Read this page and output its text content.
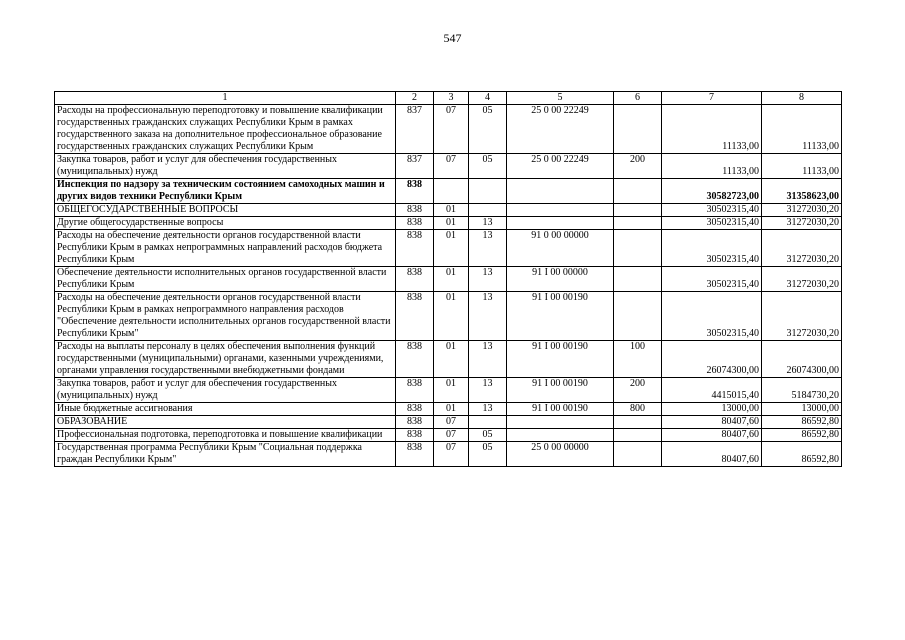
547
1	2	3	4	5	6	7	8
Расходы на профессиональную переподготовку и повышение квалификации государственных гражданских служащих Республики Крым в рамках государственного заказа на дополнительное профессиональное образование государственных гражданских служащих Республики Крым	837	07	05	25 0 00 22249		11133,00	11133,00
Закупка товаров, работ и услуг для обеспечения государственных (муниципальных) нужд	837	07	05	25 0 00 22249	200	11133,00	11133,00
Инспекция по надзору за техническим состоянием самоходных машин и других видов техники Республики Крым	838					30582723,00	31358623,00
ОБЩЕГОСУДАРСТВЕННЫЕ ВОПРОСЫ	838	01				30502315,40	31272030,20
Другие общегосударственные вопросы	838	01	13			30502315,40	31272030,20
Расходы на обеспечение деятельности органов государственной власти Республики Крым в рамках непрограммных направлений расходов бюджета Республики Крым	838	01	13	91 0 00 00000		30502315,40	31272030,20
Обеспечение деятельности исполнительных органов государственной власти Республики Крым	838	01	13	91 I 00 00000		30502315,40	31272030,20
Расходы на обеспечение деятельности органов государственной власти Республики Крым в рамках непрограммного направления расходов "Обеспечение деятельности исполнительных органов государственной власти Республики Крым"	838	01	13	91 I 00 00190		30502315,40	31272030,20
Расходы на выплаты персоналу в целях обеспечения выполнения функций государственными (муниципальными) органами, казенными учреждениями, органами управления государственными внебюджетными фондами	838	01	13	91 I 00 00190	100	26074300,00	26074300,00
Закупка товаров, работ и услуг для обеспечения государственных (муниципальных) нужд	838	01	13	91 I 00 00190	200	4415015,40	5184730,20
Иные бюджетные ассигнования	838	01	13	91 I 00 00190	800	13000,00	13000,00
ОБРАЗОВАНИЕ	838	07				80407,60	86592,80
Профессиональная подготовка, переподготовка и повышение квалификации	838	07	05			80407,60	86592,80
Государственная программа Республики Крым "Социальная поддержка граждан Республики Крым"	838	07	05	25 0 00 00000		80407,60	86592,80
